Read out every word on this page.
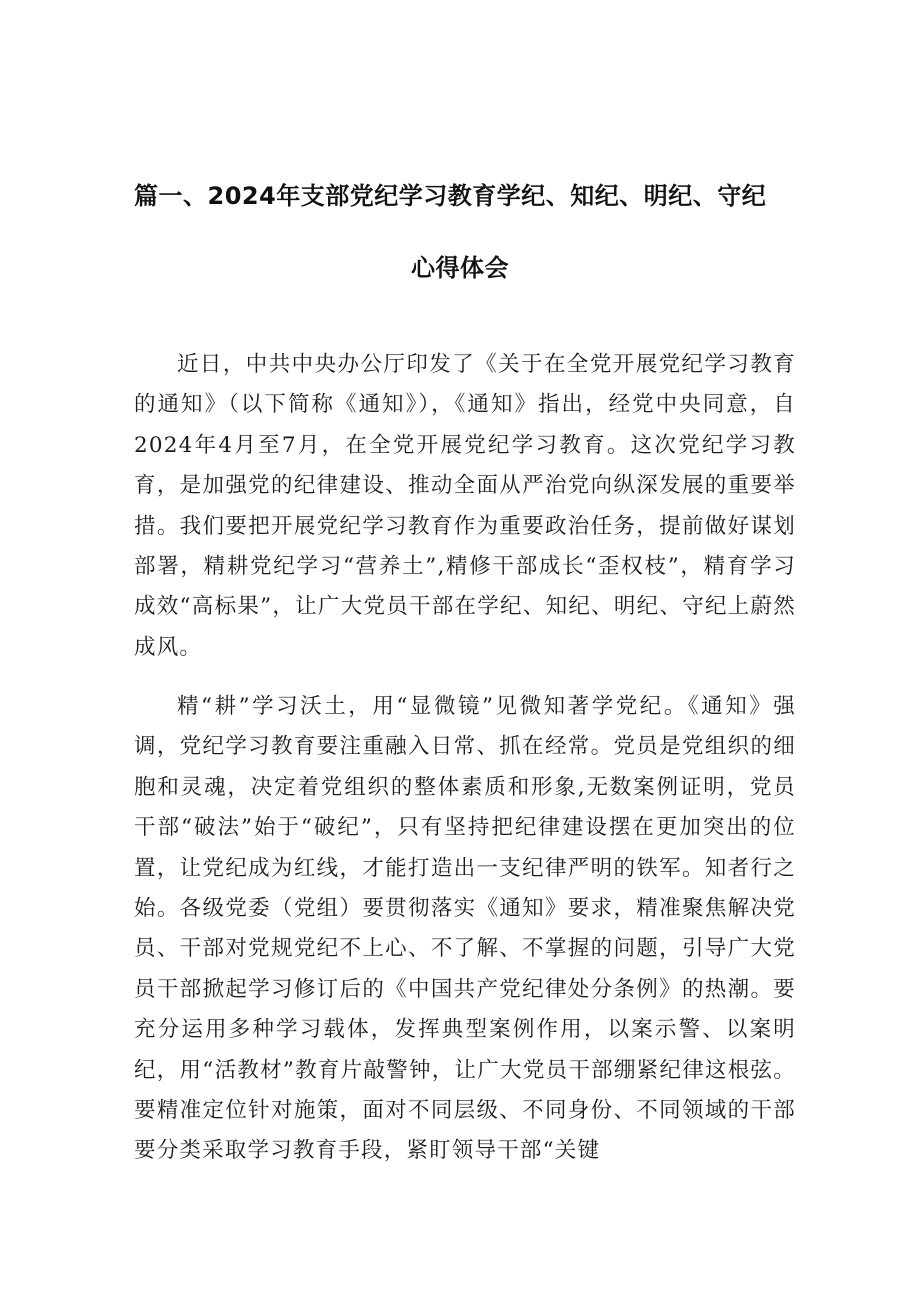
篇一、2024年支部党纪学习教育学纪、知纪、明纪、守纪
心得体会

近日，中共中央办公厅印发了《关于在全党开展党纪学习教育的通知》（以下简称《通知》），《通知》指出，经党中央同意，自2024年4月至7月，在全党开展党纪学习教育。这次党纪学习教育，是加强党的纪律建设、推动全面从严治党向纵深发展的重要举措。我们要把开展党纪学习教育作为重要政治任务，提前做好谋划部署，精耕党纪学习“营养土”,精修干部成长“歪权枝”，精育学习成效“高标果”，让广大党员干部在学纪、知纪、明纪、守纪上蔚然成风。

精“耕”学习沃土，用“显微镜”见微知著学党纪。《通知》强调，党纪学习教育要注重融入日常、抓在经常。党员是党组织的细胞和灵魂，决定着党组织的整体素质和形象,无数案例证明，党员干部“破法”始于“破纪”，只有坚持把纪律建设摆在更加突出的位置，让党纪成为红线，才能打造出一支纪律严明的铁军。知者行之始。各级党委（党组）要贯彻落实《通知》要求，精准聚焦解决党员、干部对党规党纪不上心、不了解、不掌握的问题，引导广大党员干部掀起学习修订后的《中国共产党纪律处分条例》的热潮。要充分运用多种学习载体，发挥典型案例作用，以案示警、以案明纪，用“活教材”教育片敲警钟，让广大党员干部绷紧纪律这根弦。要精准定位针对施策，面对不同层级、不同身份、不同领域的干部要分类采取学习教育手段，紧盯领导干部“关键
